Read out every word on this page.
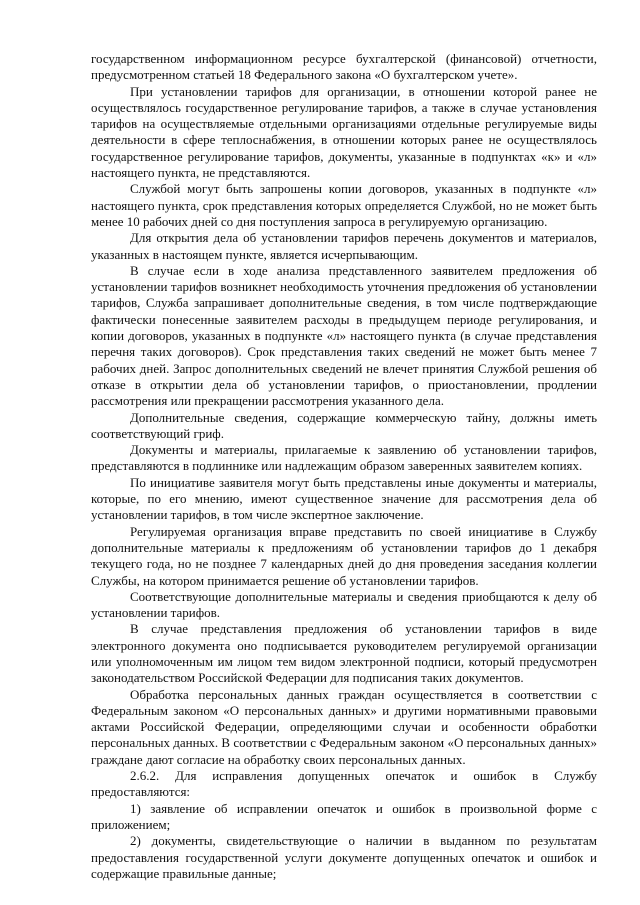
государственном информационном ресурсе бухгалтерской (финансовой) отчетности, предусмотренном статьей 18 Федерального закона «О бухгалтерском учете».

При установлении тарифов для организации, в отношении которой ранее не осуществлялось государственное регулирование тарифов, а также в случае установления тарифов на осуществляемые отдельными организациями отдельные регулируемые виды деятельности в сфере теплоснабжения, в отношении которых ранее не осуществлялось государственное регулирование тарифов, документы, указанные в подпунктах «к» и «л» настоящего пункта, не представляются.

Службой могут быть запрошены копии договоров, указанных в подпункте «л» настоящего пункта, срок представления которых определяется Службой, но не может быть менее 10 рабочих дней со дня поступления запроса в регулируемую организацию.

Для открытия дела об установлении тарифов перечень документов и материалов, указанных в настоящем пункте, является исчерпывающим.

В случае если в ходе анализа представленного заявителем предложения об установлении тарифов возникнет необходимость уточнения предложения об установлении тарифов, Служба запрашивает дополнительные сведения, в том числе подтверждающие фактически понесенные заявителем расходы в предыдущем периоде регулирования, и копии договоров, указанных в подпункте «л» настоящего пункта (в случае представления перечня таких договоров). Срок представления таких сведений не может быть менее 7 рабочих дней. Запрос дополнительных сведений не влечет принятия Службой решения об отказе в открытии дела об установлении тарифов, о приостановлении, продлении рассмотрения или прекращении рассмотрения указанного дела.

Дополнительные сведения, содержащие коммерческую тайну, должны иметь соответствующий гриф.

Документы и материалы, прилагаемые к заявлению об установлении тарифов, представляются в подлиннике или надлежащим образом заверенных заявителем копиях.

По инициативе заявителя могут быть представлены иные документы и материалы, которые, по его мнению, имеют существенное значение для рассмотрения дела об установлении тарифов, в том числе экспертное заключение.

Регулируемая организация вправе представить по своей инициативе в Службу дополнительные материалы к предложениям об установлении тарифов до 1 декабря текущего года, но не позднее 7 календарных дней до дня проведения заседания коллегии Службы, на котором принимается решение об установлении тарифов.

Соответствующие дополнительные материалы и сведения приобщаются к делу об установлении тарифов.

В случае представления предложения об установлении тарифов в виде электронного документа оно подписывается руководителем регулируемой организации или уполномоченным им лицом тем видом электронной подписи, который предусмотрен законодательством Российской Федерации для подписания таких документов.

Обработка персональных данных граждан осуществляется в соответствии с Федеральным законом «О персональных данных» и другими нормативными правовыми актами Российской Федерации, определяющими случаи и особенности обработки персональных данных. В соответствии с Федеральным законом «О персональных данных» граждане дают согласие на обработку своих персональных данных.

2.6.2. Для исправления допущенных опечаток и ошибок в Службу предоставляются:

1) заявление об исправлении опечаток и ошибок в произвольной форме с приложением;

2) документы, свидетельствующие о наличии в выданном по результатам предоставления государственной услуги документе допущенных опечаток и ошибок и содержащие правильные данные;
